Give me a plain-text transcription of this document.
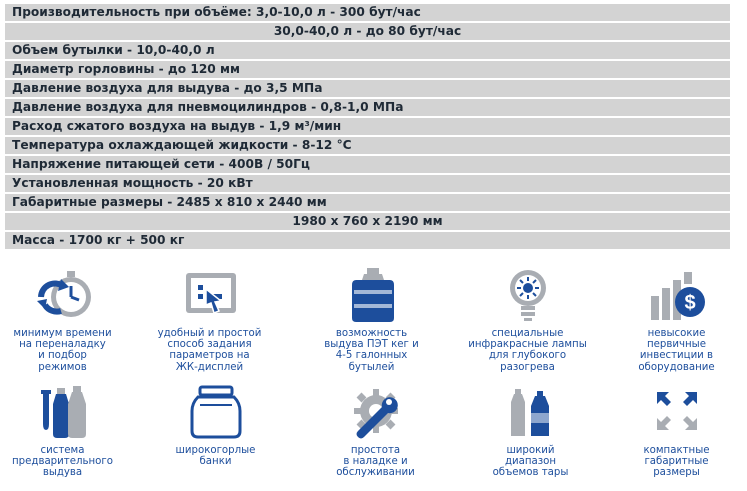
Производительность при объёме: 3,0-10,0 л - 300 бут/час
30,0-40,0 л - до 80 бут/час
Объем бутылки - 10,0-40,0 л
Диаметр горловины - до 120 мм
Давление воздуха для выдува - до 3,5 МПа
Давление воздуха для пневмоцилиндров - 0,8-1,0 МПа
Расход сжатого воздуха на выдув - 1,9 м³/мин
Температура охлаждающей жидкости - 8-12 °С
Напряжение питающей сети - 400В / 50Гц
Установленная мощность - 20 кВт
Габаритные размеры - 2485 х 810 х 2440 мм
1980 х 760 х 2190 мм
Масса - 1700 кг + 500 кг
минимум времени
на переналадку
и подбор
режимов
удобный и простой
способ задания
параметров на
ЖК-дисплей
возможность
выдува ПЭТ кег и
4-5 галонных
бутылей
специальные
инфракрасные лампы
для глубокого
разогрева
$
невысокие
первичные
инвестиции в
оборудование
система
предварительного
выдува
широкогорлые
банки
простота
в наладке и
обслуживании
широкий
диапазон
объемов тары
компактные
габаритные
размеры
